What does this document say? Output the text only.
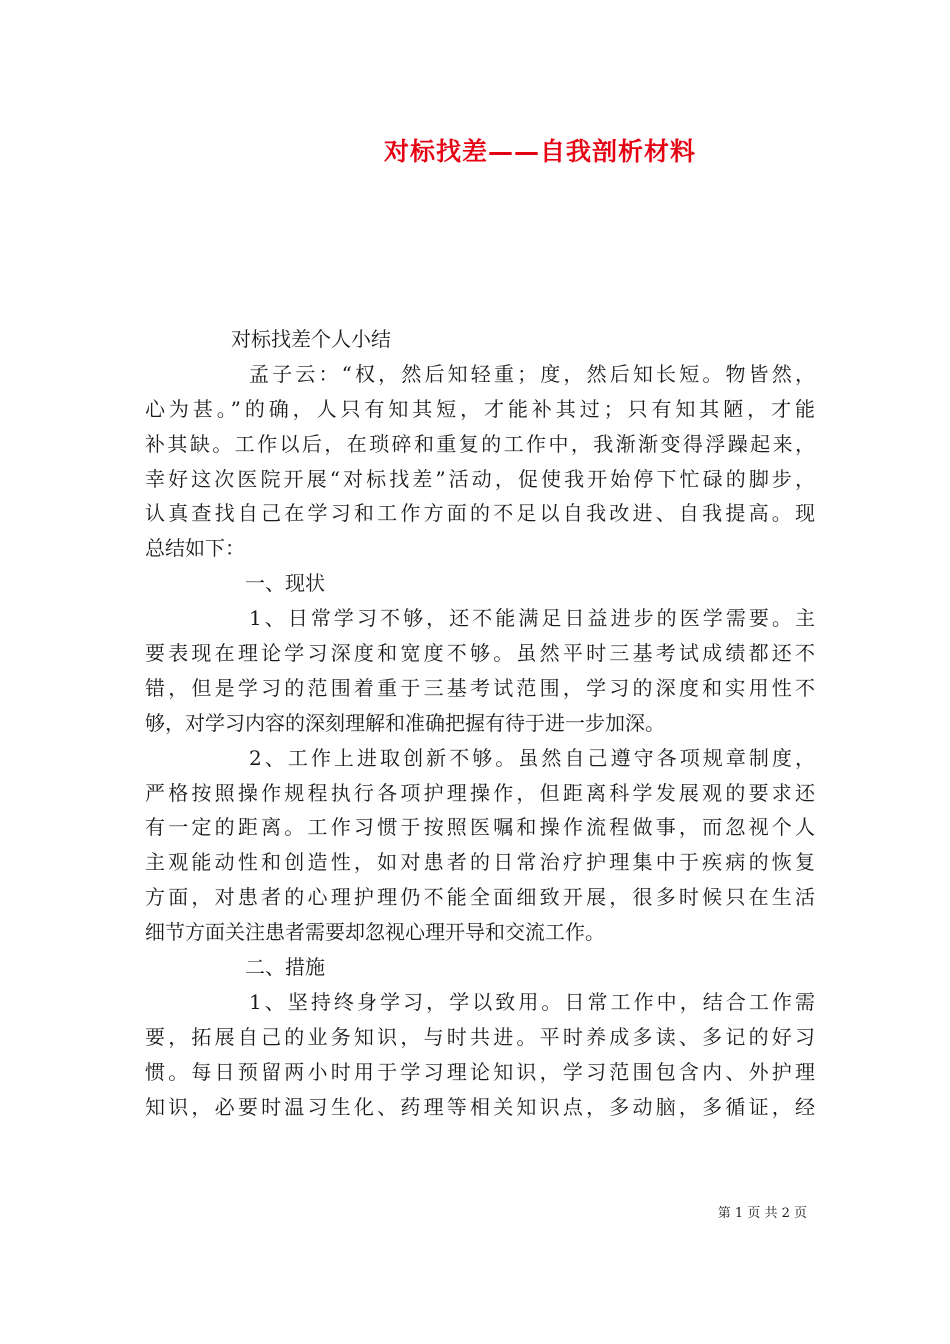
对标找差——自我剖析材料
对标找差个人小结
孟子云：“权，然后知轻重；度，然后知长短。物皆然，
心为甚。”的确，人只有知其短，才能补其过；只有知其陋，才能
补其缺。工作以后，在琐碎和重复的工作中，我渐渐变得浮躁起来，
幸好这次医院开展“对标找差”活动，促使我开始停下忙碌的脚步，
认真查找自己在学习和工作方面的不足以自我改进、自我提高。现
总结如下：
一、现状
1、日常学习不够，还不能满足日益进步的医学需要。主
要表现在理论学习深度和宽度不够。虽然平时三基考试成绩都还不
错，但是学习的范围着重于三基考试范围，学习的深度和实用性不
够，对学习内容的深刻理解和准确把握有待于进一步加深。
2、工作上进取创新不够。虽然自己遵守各项规章制度，
严格按照操作规程执行各项护理操作，但距离科学发展观的要求还
有一定的距离。工作习惯于按照医嘱和操作流程做事，而忽视个人
主观能动性和创造性，如对患者的日常治疗护理集中于疾病的恢复
方面，对患者的心理护理仍不能全面细致开展，很多时候只在生活
细节方面关注患者需要却忽视心理开导和交流工作。
二、措施
1、坚持终身学习，学以致用。日常工作中，结合工作需
要，拓展自己的业务知识，与时共进。平时养成多读、多记的好习
惯。每日预留两小时用于学习理论知识，学习范围包含内、外护理
知识，必要时温习生化、药理等相关知识点，多动脑，多循证，经
第 1 页 共 2 页
